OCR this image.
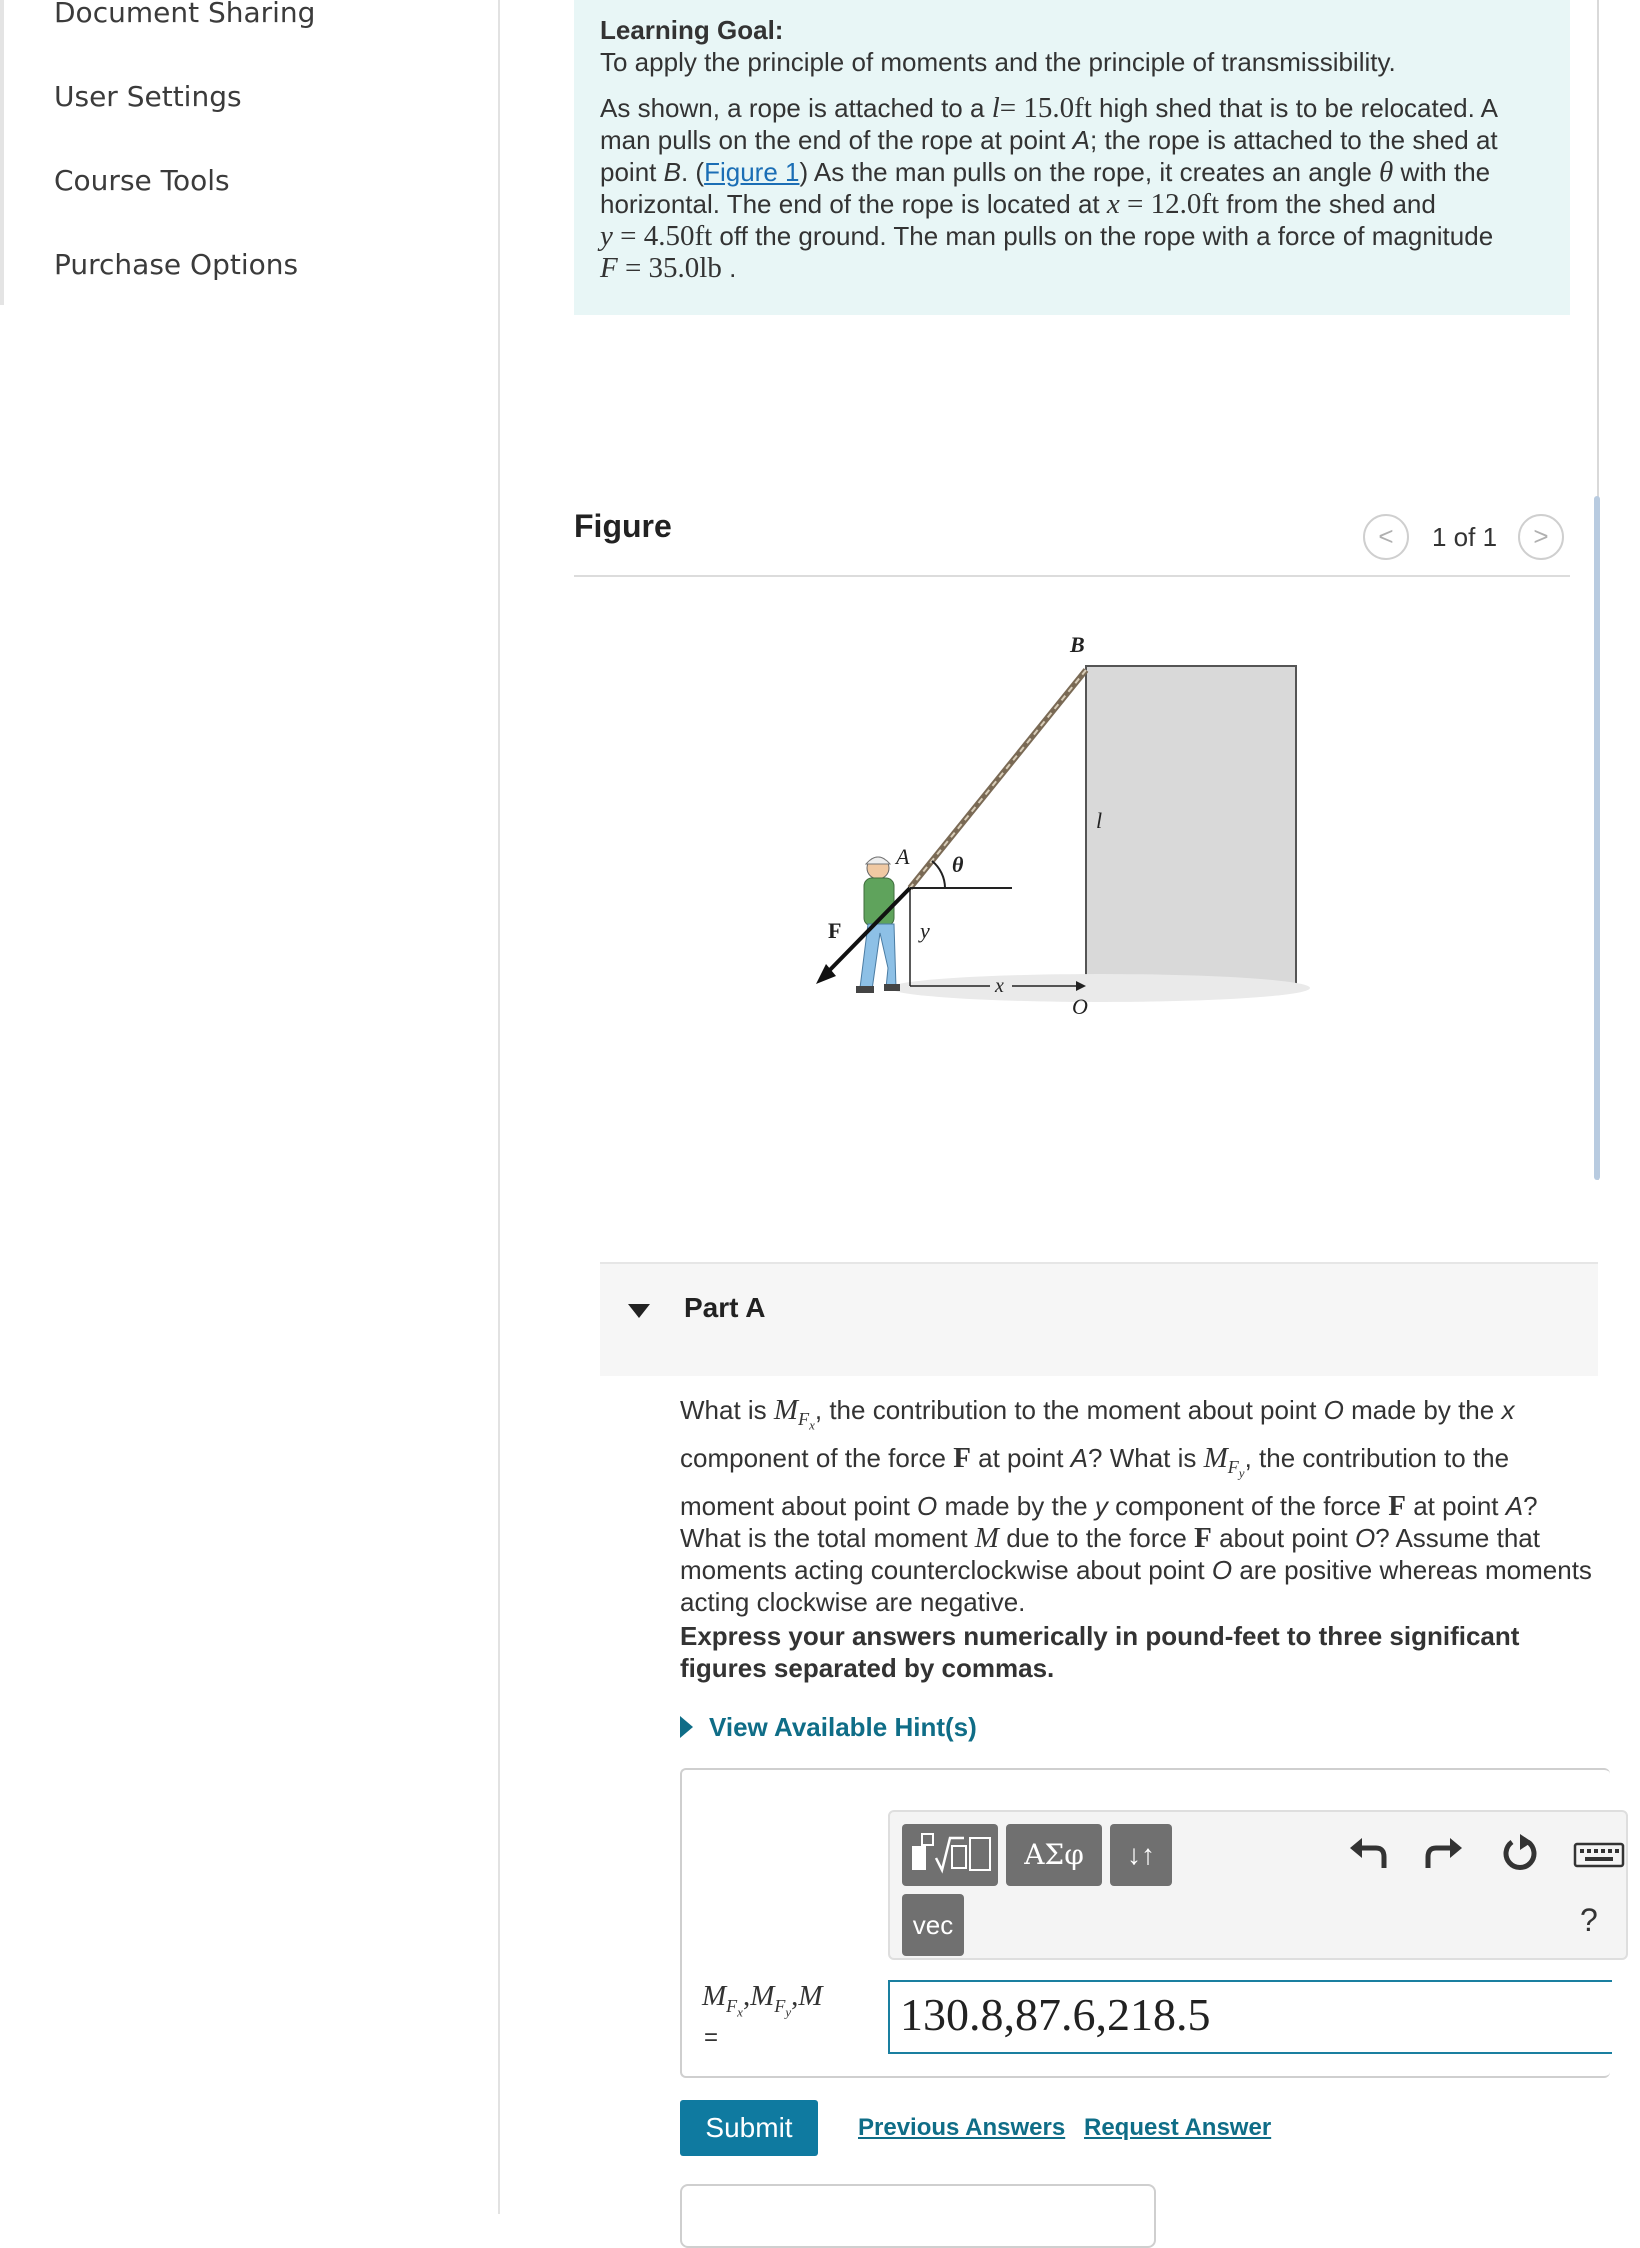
Document Sharing
User Settings
Course Tools
Purchase Options

Learning Goal:
To apply the principle of moments and the principle of transmissibility.

As shown, a rope is attached to a l= 15.0ft high shed that is to be relocated. A man pulls on the end of the rope at point A; the rope is attached to the shed at point B. (Figure 1) As the man pulls on the rope, it creates an angle θ with the horizontal. The end of the rope is located at x = 12.0ft from the shed and
y = 4.50ft off the ground. The man pulls on the rope with a force of magnitude
F = 35.0lb .

Figure	<	1 of 1	>
B
A θ
l
F	y
x
O
Part A

What is $M_{F_x}$, the contribution to the moment about point O made by the x component of the force F at point A? What is $M_{F_y}$, the contribution to the moment about point O made by the y component of the force F at point A? What is the total moment M due to the force F about point O? Assume that moments acting counterclockwise about point O are positive whereas moments acting clockwise are negative.

Express your answers numerically in pound-feet to three significant figures separated by commas.
View Available Hint(s)
ΑΣφ	↓↑
vec	?
$M_{F_x},M_{F_y},M$
=	130.8,87.6,218.5
Submit	Previous Answers Request Answer
